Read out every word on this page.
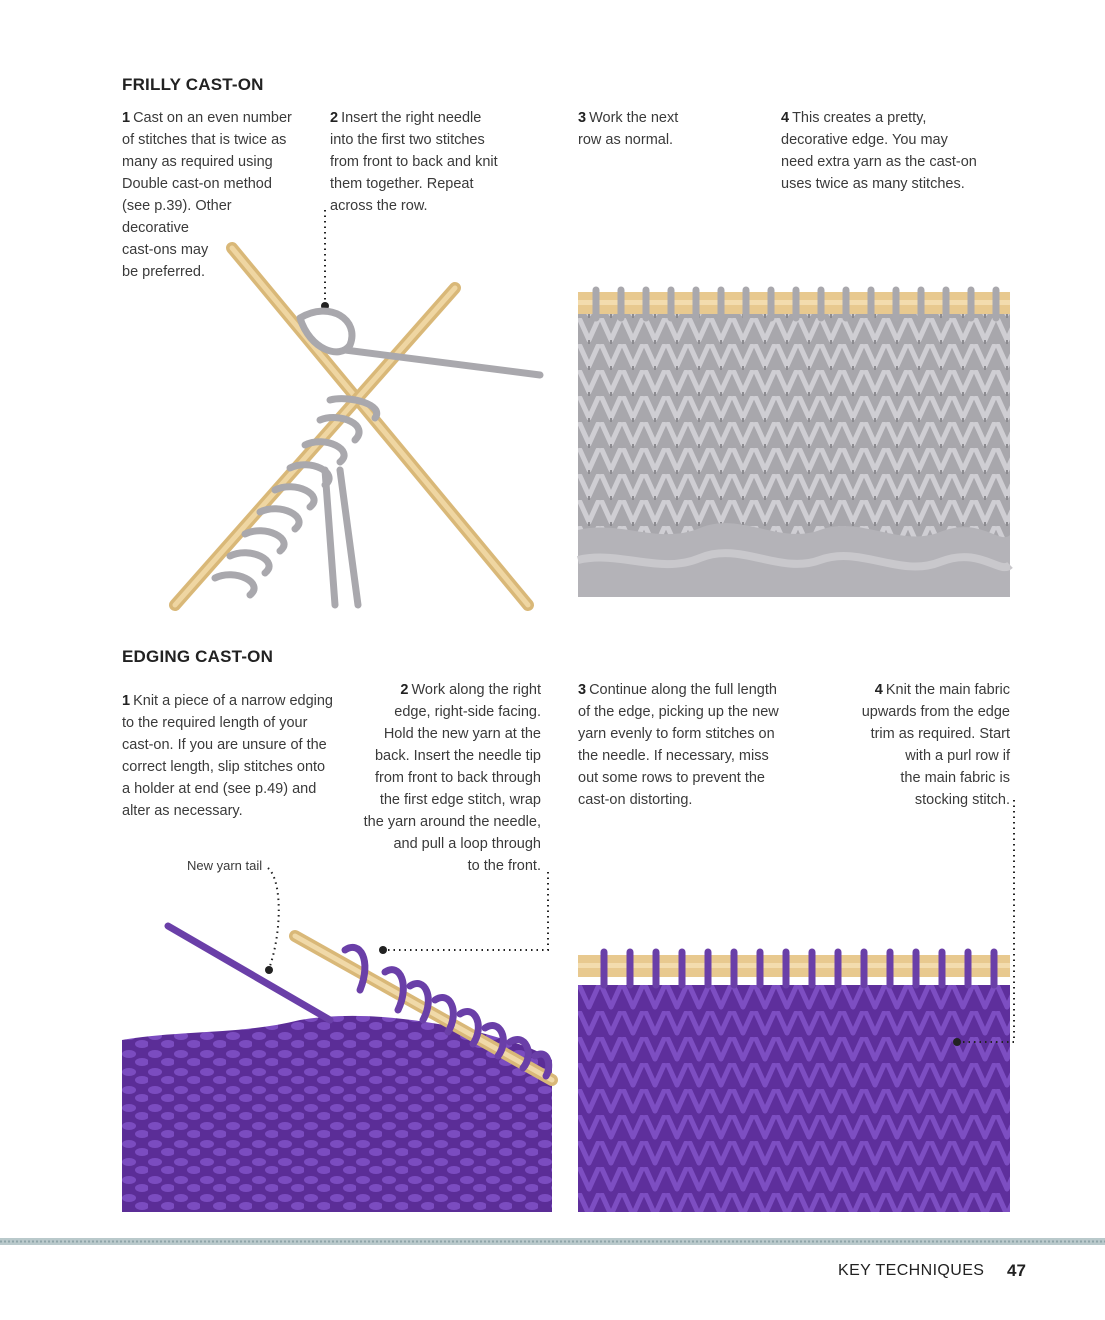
FRILLY CAST-ON
1 Cast on an even number
of stitches that is twice as
many as required using
Double cast-on method
(see p.39). Other
decorative
cast-ons may
be preferred.
2 Insert the right needle
into the first two stitches
from front to back and knit
them together. Repeat
across the row.
3 Work the next
row as normal.
4 This creates a pretty,
decorative edge. You may
need extra yarn as the cast-on
uses twice as many stitches.
EDGING CAST-ON
1 Knit a piece of a narrow edging
to the required length of your
cast-on. If you are unsure of the
correct length, slip stitches onto
a holder at end (see p.49) and
alter as necessary.
2 Work along the right
edge, right-side facing.
Hold the new yarn at the
back. Insert the needle tip
from front to back through
the first edge stitch, wrap
the yarn around the needle,
and pull a loop through
to the front.
3 Continue along the full length
of the edge, picking up the new
yarn evenly to form stitches on
the needle. If necessary, miss
out some rows to prevent the
cast-on distorting.
4 Knit the main fabric
upwards from the edge
trim as required. Start
with a purl row if
the main fabric is
stocking stitch.
New yarn tail
KEY TECHNIQUES 47
